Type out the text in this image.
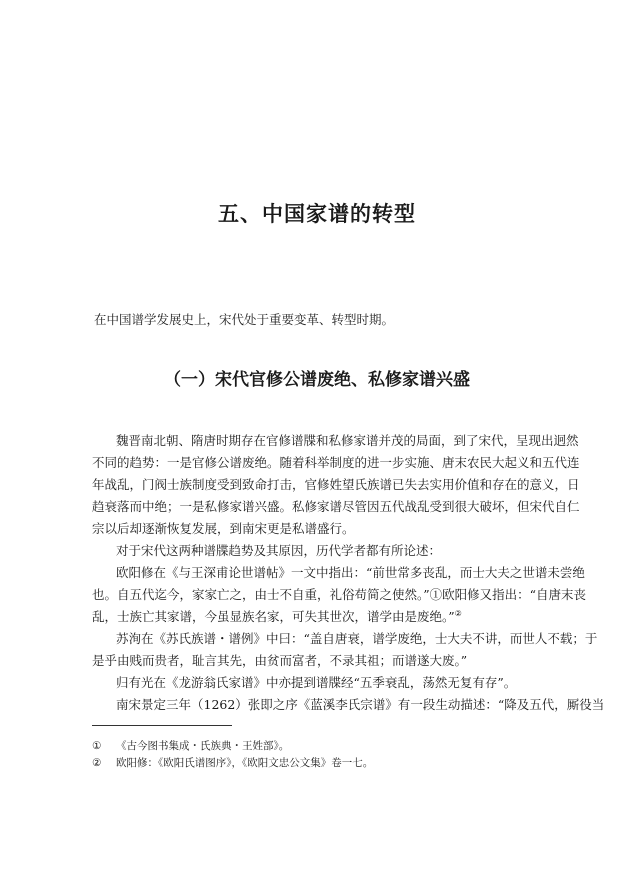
五、中国家谱的转型

在中国谱学发展史上，宋代处于重要变革、转型时期。

（一）宋代官修公谱废绝、私修家谱兴盛
魏晋南北朝、隋唐时期存在官修谱牒和私修家谱并茂的局面，到了宋代，呈现出迥然
不同的趋势：一是官修公谱废绝。随着科举制度的进一步实施、唐末农民大起义和五代连
年战乱，门阀士族制度受到致命打击，官修姓望氏族谱已失去实用价值和存在的意义，日
趋衰落而中绝；一是私修家谱兴盛。私修家谱尽管因五代战乱受到很大破坏，但宋代自仁
宗以后却逐渐恢复发展，到南宋更是私谱盛行。
对于宋代这两种谱牒趋势及其原因，历代学者都有所论述：
欧阳修在《与王深甫论世谱帖》一文中指出：“前世常多丧乱，而士大夫之世谱未尝绝
也。自五代迄今，家家亡之，由士不自重，礼俗苟简之使然。”①欧阳修又指出：“自唐末丧
乱，士族亡其家谱，今虽显族名家，可失其世次，谱学由是废绝。”②
苏洵在《苏氏族谱・谱例》中曰：“盖自唐衰，谱学废绝，士大夫不讲，而世人不载；于
是乎由贱而贵者，耻言其先，由贫而富者，不录其祖；而谱遂大废。”
归有光在《龙游翁氏家谱》中亦提到谱牒经“五季衰乱，荡然无复有存”。
南宋景定三年（1262）张即之序《蓝溪李氏宗谱》有一段生动描述：“降及五代，厮役当
① 《古今图书集成・氏族典・王姓部》。
② 欧阳修：《欧阳氏谱图序》，《欧阳文忠公文集》卷一七。
